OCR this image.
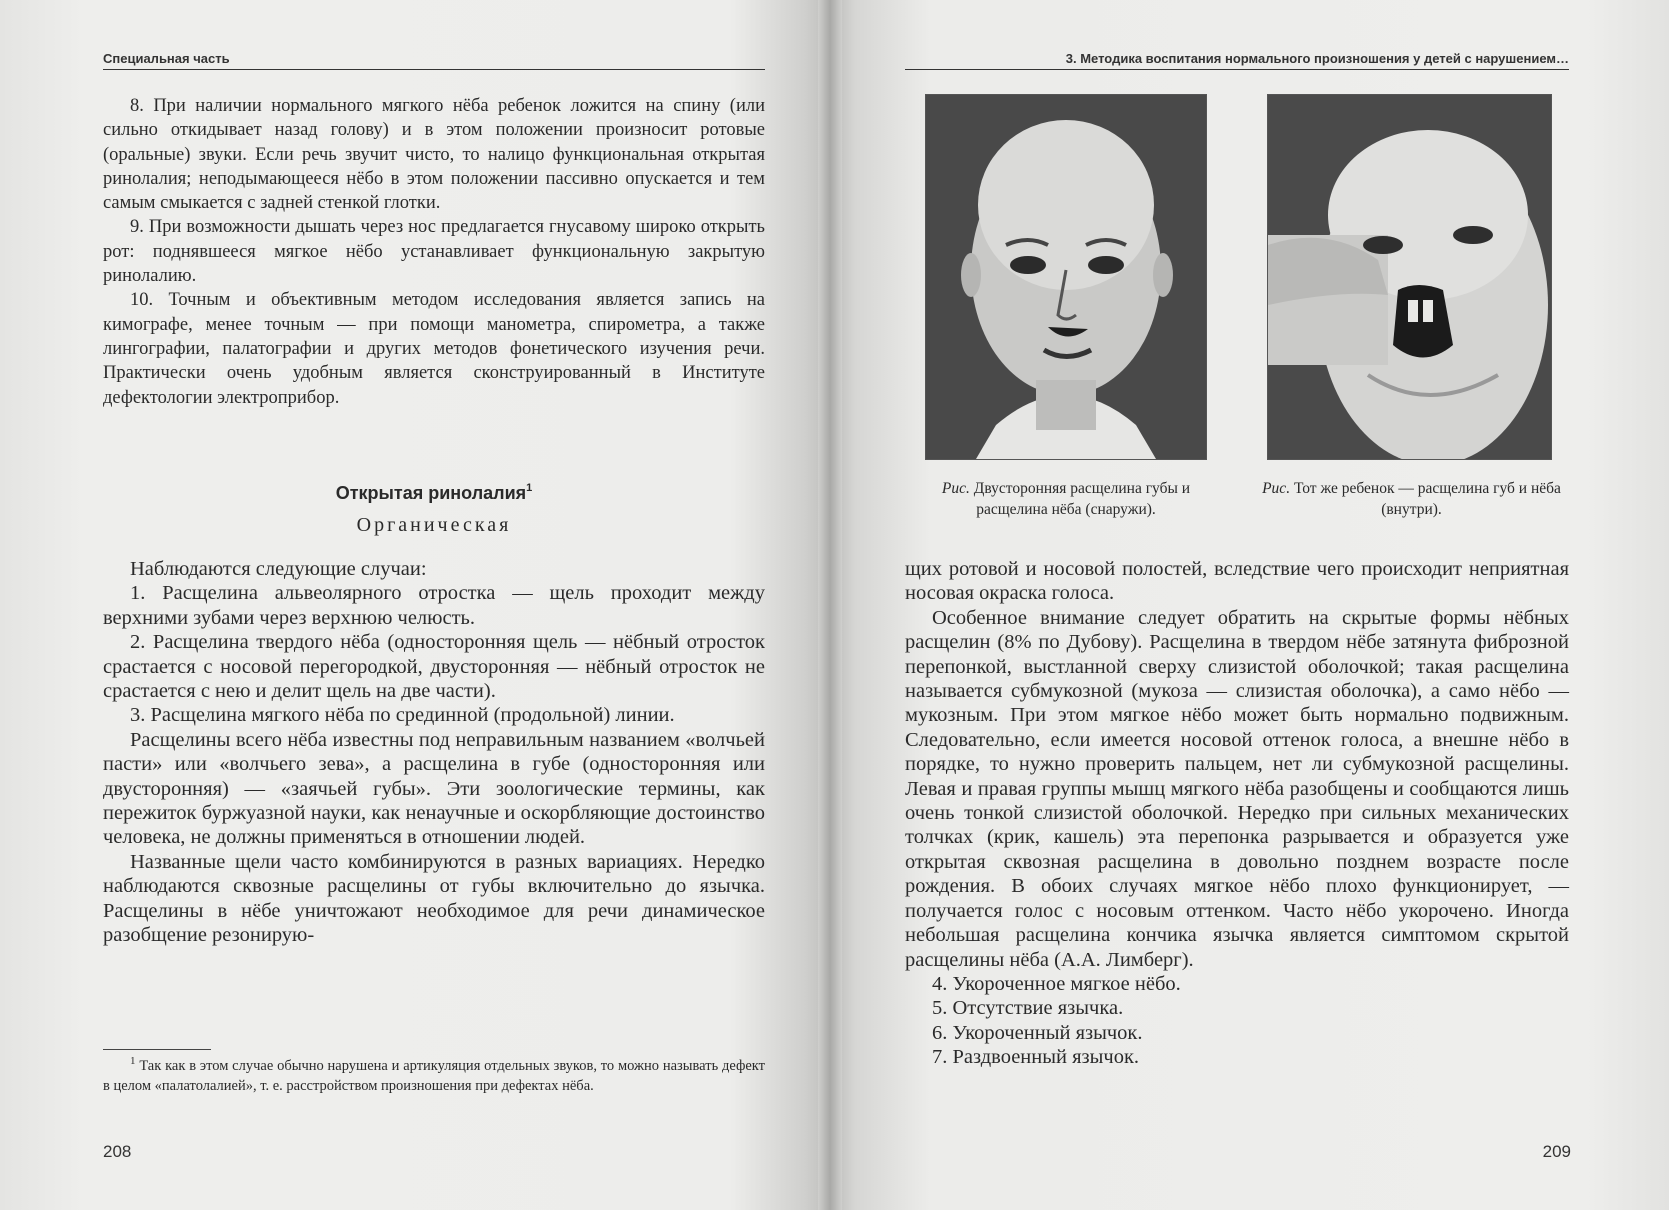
Специальная часть

8. При наличии нормального мягкого нёба ребенок ложится на спину (или сильно откидывает назад голову) и в этом положении произносит ротовые (оральные) звуки. Если речь звучит чисто, то налицо функциональная открытая ринолалия; неподымающееся нёбо в этом положении пассивно опускается и тем самым смыкается с задней стенкой глотки.

9. При возможности дышать через нос предлагается гнусавому широко открыть рот: поднявшееся мягкое нёбо устанавливает функциональную закрытую ринолалию.

10. Точным и объективным методом исследования является запись на кимографе, менее точным — при помощи манометра, спирометра, а также лингографии, палатографии и других методов фонетического изучения речи. Практически очень удобным является сконструированный в Институте дефектологии электроприбор.

Открытая ринолалия$^1$
Органическая

Наблюдаются следующие случаи:

1. Расщелина альвеолярного отростка — щель проходит между верхними зубами через верхнюю челюсть.

2. Расщелина твердого нёба (односторонняя щель — нёбный отросток срастается с носовой перегородкой, двусторонняя — нёбный отросток не срастается с нею и делит щель на две части).

3. Расщелина мягкого нёба по срединной (продольной) линии.

Расщелины всего нёба известны под неправильным названием «волчьей пасти» или «волчьего зева», а расщелина в губе (односторонняя или двусторонняя) — «заячьей губы». Эти зоологические термины, как пережиток буржуазной науки, как ненаучные и оскорбляющие достоинство человека, не должны применяться в отношении людей.

Названные щели часто комбинируются в разных вариациях. Нередко наблюдаются сквозные расщелины от губы включительно до язычка. Расщелины в нёбе уничтожают необходимое для речи динамическое разобщение резонирую-

$^1$ Так как в этом случае обычно нарушена и артикуляция отдельных звуков, то можно называть дефект в целом «палатолалией», т. е. расстройством произношения при дефектах нёба.

208
3. Методика воспитания нормального произношения у детей с нарушением…
Рис. Двусторонняя расщелина губы и расщелина нёба (снаружи).
Рис. Тот же ребенок — расщелина губ и нёба (внутри).

щих ротовой и носовой полостей, вследствие чего происходит неприятная носовая окраска голоса.

Особенное внимание следует обратить на скрытые формы нёбных расщелин (8% по Дубову). Расщелина в твердом нёбе затянута фиброзной перепонкой, выстланной сверху слизистой оболочкой; такая расщелина называется субмукозной (мукоза — слизистая оболочка), а само нёбо — мукозным. При этом мягкое нёбо может быть нормально подвижным. Следовательно, если имеется носовой оттенок голоса, а внешне нёбо в порядке, то нужно проверить пальцем, нет ли субмукозной расщелины. Левая и правая группы мышц мягкого нёба разобщены и сообщаются лишь очень тонкой слизистой оболочкой. Нередко при сильных механических толчках (крик, кашель) эта перепонка разрывается и образуется уже открытая сквозная расщелина в довольно позднем возрасте после рождения. В обоих случаях мягкое нёбо плохо функционирует, — получается голос с носовым оттенком. Часто нёбо укорочено. Иногда небольшая расщелина кончика язычка является симптомом скрытой расщелины нёба (А.А. Лимберг).

4. Укороченное мягкое нёбо.

5. Отсутствие язычка.

6. Укороченный язычок.

7. Раздвоенный язычок.

209
